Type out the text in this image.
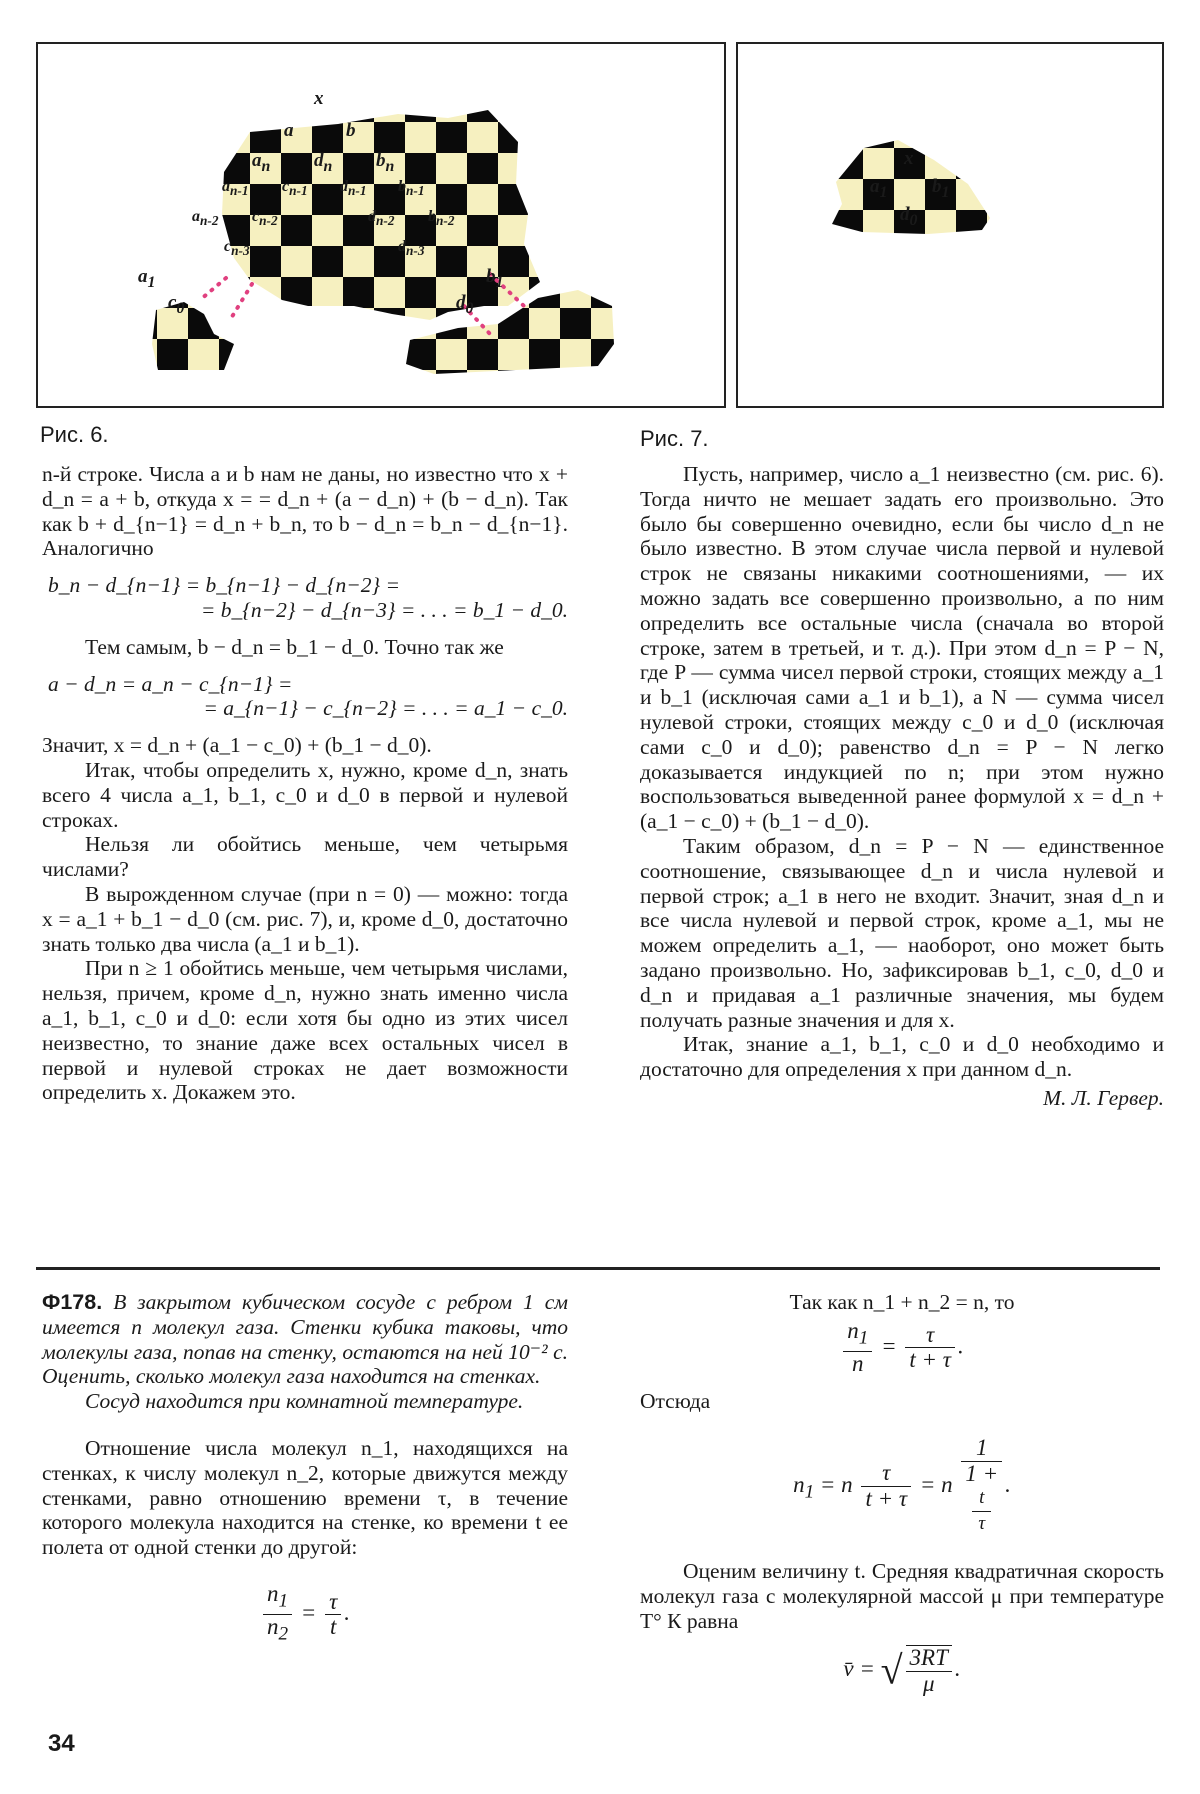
x
a	b
$a_n$ $d_n$ $b_n$
$a_{n-1}$ $c_{n-1}$ $d_{n-1}$ $b_{n-1}$
$a_{n-2}$ $c_{n-2}$	$d_{n-2}$ $b_{n-2}$
$c_{n-3}$	$d_{n-3}$
$a_1$
$c_0$
$b_1$
$d_0$
Рис. 6.
x
$a_1$ $b_1$
$d_0$
Рис. 7.

n-й строке. Числа a и b нам не даны, но известно что x + d_n = a + b, откуда x = = d_n + (a − d_n) + (b − d_n). Так как b + d_{n−1} = d_n + b_n, то b − d_n = b_n − d_{n−1}. Аналогично

b_n − d_{n−1} = b_{n−1} − d_{n−2} =

= b_{n−2} − d_{n−3} = . . . = b_1 − d_0.

Тем самым, b − d_n = b_1 − d_0. Точно так же

a − d_n = a_n − c_{n−1} =

= a_{n−1} − c_{n−2} = . . . = a_1 − c_0.

Значит, x = d_n + (a_1 − c_0) + (b_1 − d_0).

Итак, чтобы определить x, нужно, кроме d_n, знать всего 4 числа a_1, b_1, c_0 и d_0 в первой и нулевой строках.

Нельзя ли обойтись меньше, чем четырьмя числами?

В вырожденном случае (при n = 0) — можно: тогда x = a_1 + b_1 − d_0 (см. рис. 7), и, кроме d_0, достаточно знать только два числа (a_1 и b_1).

При n ≥ 1 обойтись меньше, чем четырьмя числами, нельзя, причем, кроме d_n, нужно знать именно числа a_1, b_1, c_0 и d_0: если хотя бы одно из этих чисел неизвестно, то знание даже всех остальных чисел в первой и нулевой строках не дает возможности определить x. Докажем это.

Пусть, например, число a_1 неизвестно (см. рис. 6). Тогда ничто не мешает задать его произвольно. Это было бы совершенно очевидно, если бы число d_n не было известно. В этом случае числа первой и нулевой строк не связаны никакими соотношениями, — их можно задать все совершенно произвольно, а по ним определить все остальные числа (сначала во второй строке, затем в третьей, и т. д.). При этом d_n = P − N, где P — сумма чисел первой строки, стоящих между a_1 и b_1 (исключая сами a_1 и b_1), а N — сумма чисел нулевой строки, стоящих между c_0 и d_0 (исключая сами c_0 и d_0); равенство d_n = P − N легко доказывается индукцией по n; при этом нужно воспользоваться выведенной ранее формулой x = d_n + (a_1 − c_0) + (b_1 − d_0).

Таким образом, d_n = P − N — единственное соотношение, связывающее d_n и числа нулевой и первой строк; a_1 в него не входит. Значит, зная d_n и все числа нулевой и первой строк, кроме a_1, мы не можем определить a_1, — наоборот, оно может быть задано произвольно. Но, зафиксировав b_1, c_0, d_0 и d_n и придавая a_1 различные значения, мы будем получать разные значения и для x.

Итак, знание a_1, b_1, c_0 и d_0 необходимо и достаточно для определения x при данном d_n.

М. Л. Гервер.

Ф178. В закрытом кубическом сосуде с ребром 1 см имеется n молекул газа. Стенки кубика таковы, что молекулы газа, попав на стенку, остаются на ней 10⁻² с. Оценить, сколько молекул газа находится на стенках.

Сосуд находится при комнатной температуре.

Отношение числа молекул n_1, находящихся на стенках, к числу молекул n_2, которые движутся между стенками, равно отношению времени τ, в течение которого молекула находится на стенке, ко времени t ее полета от одной стенки до другой:

$\frac{n_1}{n_2} = \frac{\tau}{t}$ .

Так как n_1 + n_2 = n, то

$\frac{n_1}{n} = \frac{\tau}{t + \tau}$ .

Отсюда

$n_1 = n \frac{\tau}{t + \tau} = n$ 1
1 +
t
τ .

Оценим величину t. Средняя квадратичная скорость молекул газа с молекулярной массой μ при температуре T° К равна

v̄ = √ $\frac{3RT}{\mu}$ .
34
